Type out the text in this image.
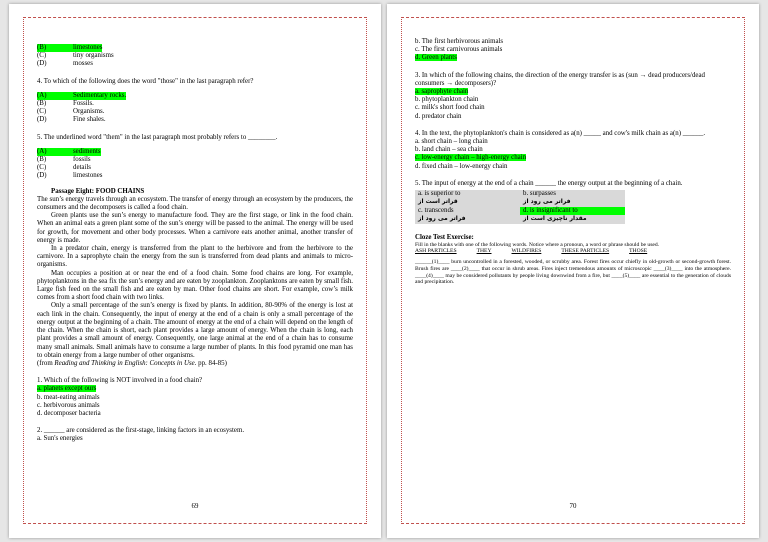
(B)	limestones
(C)	tiny organisms
(D)	mosses
4. To which of the following does the word "those" in the last paragraph refer?
(A)	Sedimentary rocks.
(B)	Fossils.
(C)	Organisms.
(D)	Fine shales.
5. The underlined word "them" in the last paragraph most probably refers to ________.
(A)	sediments
(B)	fossils
(C)	details
(D)	limestones
Passage Eight: FOOD CHAINS

The sun’s energy travels through an ecosystem. The transfer of energy through an ecosystem by the producers, the consumers and the decomposers is called a food chain.

Green plants use the sun’s energy to manufacture food. They are the first stage, or link in the food chain. When an animal eats a green plant some of the sun’s energy will be passed to the animal. The energy will be used for growth, for movement and other body processes. When a carnivore eats another animal, another transfer of energy is made.

In a predator chain, energy is transferred from the plant to the herbivore and from the herbivore to the carnivore. In a saprophyte chain the energy from the sun is transferred from dead plants and animals to micro-organisms.

Man occupies a position at or near the end of a food chain. Some food chains are long. For example, phytoplanktons in the sea fix the sun’s energy and are eaten by zooplankton. Zooplanktons are eaten by small fish. Large fish feed on the small fish and are eaten by man. Other food chains are short. For example, cow’s milk comes from a short food chain with two links.

Only a small percentage of the sun’s energy is fixed by plants. In addition, 80-90% of the energy is lost at each link in the chain. Consequently, the input of energy at the end of a chain is only a small percentage of the energy output at the beginning of a chain. The amount of energy at the end of a chain will depend on the length of the chain. When the chain is short, each plant provides a large amount of energy. When the chain is long, each plant provides a small amount of energy. Consequently, one large animal at the end of a chain has to consume many small animals. Small animals have to consume a large number of plants. In this food pyramid one man has to obtain energy from a large number of other organisms.

(from Reading and Thinking in English: Concepts in Use. pp. 84-85)
1. Which of the following is NOT involved in a food chain?
a. planets except ours
b. meat-eating animals
c. herbivorous animals
d. decomposer bacteria
2. ______ are considered as the first-stage, linking factors in an ecosystem.
a. Sun's energies
69
b. The first herbivorous animals
c. The first carnivorous animals
d. Green plants
3. In which of the following chains, the direction of the energy transfer is as (sun → dead producers/dead consumers → decomposers)?
a. saprophyte chain
b. phytoplankton chain
c. milk's short food chain
d. predator chain
4. In the text, the phytoplankton's chain is considered as a(n) _____ and cow's milk chain as a(n) ______.
a. short chain – long chain
b. land chain – sea chain
c. low-energy chain – high-energy chain
d. fixed chain – low-energy chain
5. The input of energy at the end of a chain ______ the energy output at the beginning of a chain.
a. is superior to	b. surpasses
قراتر است از	فراتر می رود از
c. transcends	d. is insignificant to
فراتر می رود از	مقدار ناچیزی است از
Cloze Test Exercise:
Fill in the blanks with one of the following words. Notice where a pronoun, a word or phrase should be used.
ASH PARTICLES	THEY	WILDFIRES	THESE PARTICLES	THOSE
______(1)____ burn uncontrolled in a forested, wooded, or scrubby area. Forest fires occur chiefly in old-growth or second-growth forest. Brush fires are ____(2)____ that occur in shrub areas. Fires inject tremendous amounts of microscopic ____(3)____ into the atmosphere. ____(4)____ may be considered pollutants by people living downwind from a fire, but ____(5)____ are essential to the generation of clouds and precipitation.
70
